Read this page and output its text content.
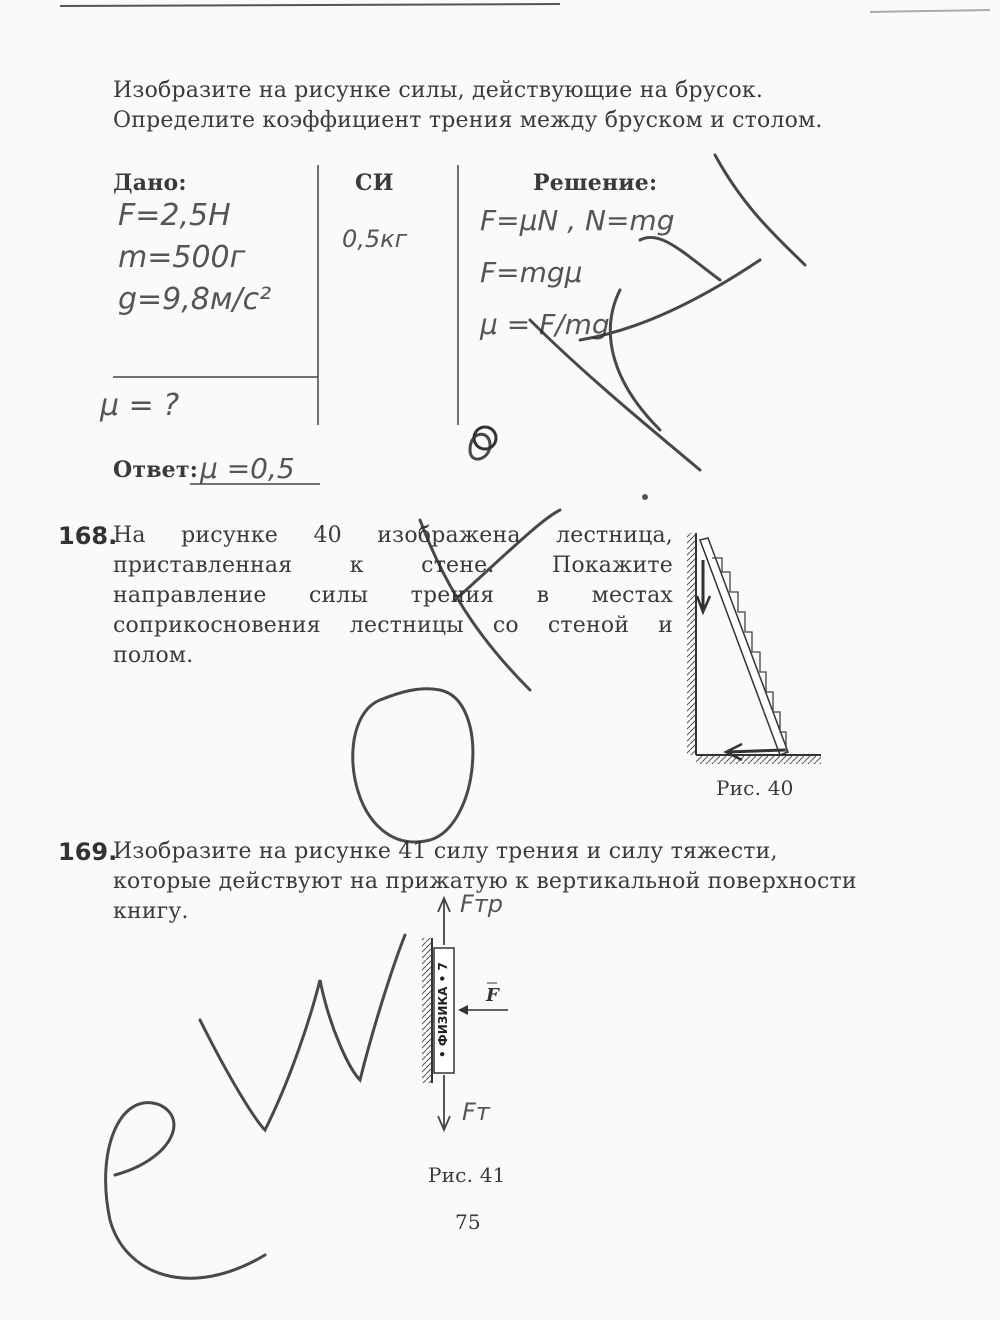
Изобразите на рисунке силы, действующие на брусок.
Определите коэффициент трения между бруском и столом.
Дано:	СИ	Решение:
F=2,5Н
m=500г
g=9,8м/с²
0,5кг
F=μN , N=mg
F=mgμ
μ = F/mg
μ = ?
Ответ: μ =0,5
168.
На рисунке 40 изображена лестница, приставленная к стене. Покажите направление силы трения в местах соприкосновения лестницы со стеной и полом.
Рис. 40
169.
Изобразите на рисунке 41 силу трения и силу тяжести, которые действуют на прижатую к вертикальной поверхности книгу.
• ФИЗИКА • 7 F
Fтр
Fт
Рис. 41
75
